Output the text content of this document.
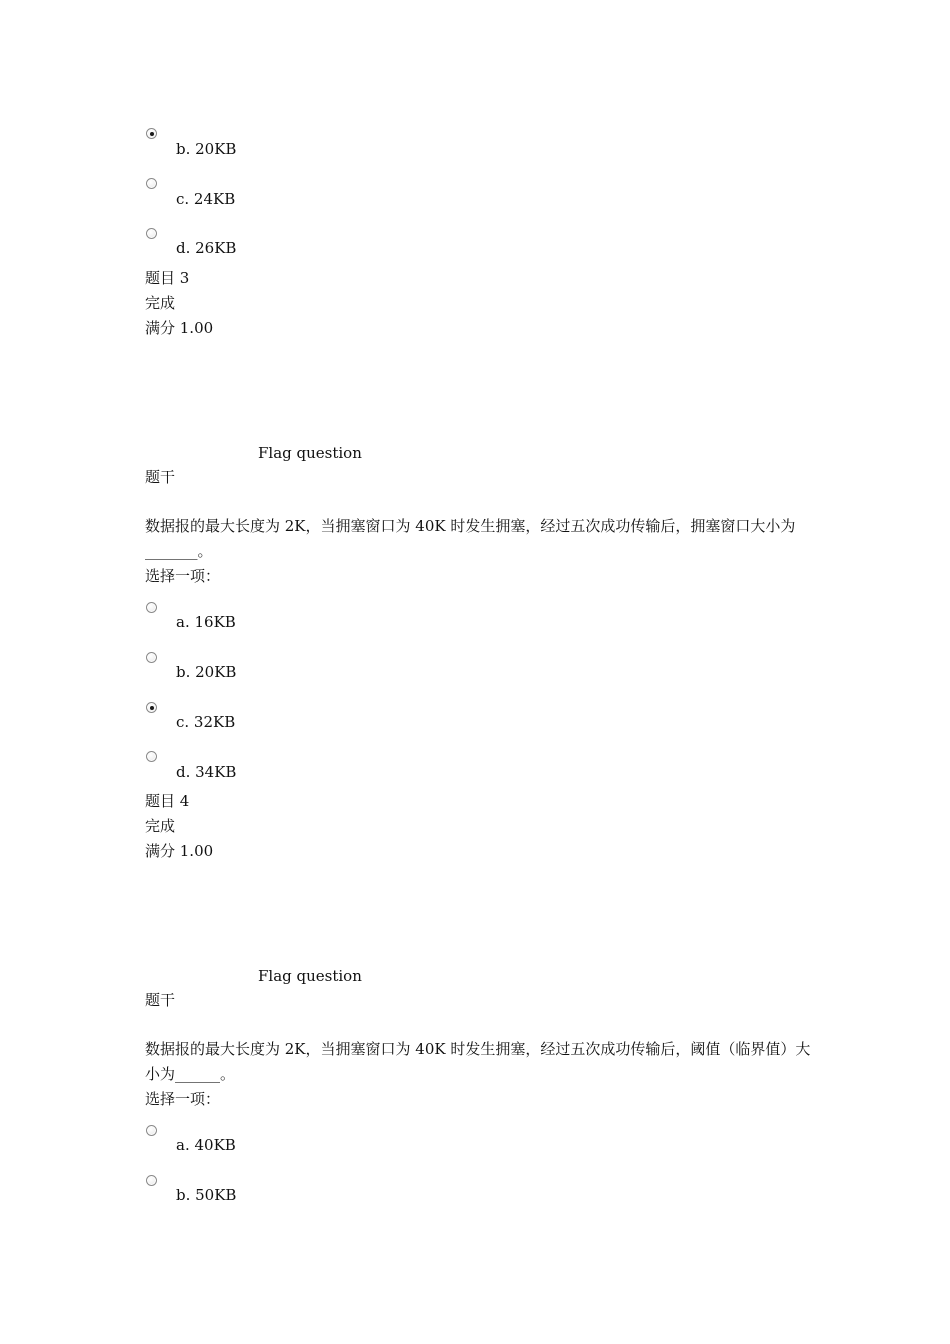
b. 20KB
c. 24KB
d. 26KB
题目 3
完成
满分 1.00
Flag question
题干
数据报的最大长度为 2K，当拥塞窗口为 40K 时发生拥塞，经过五次成功传输后，拥塞窗口大小为_______。
选择一项：
a. 16KB
b. 20KB
c. 32KB
d. 34KB
题目 4
完成
满分 1.00
Flag question
题干
数据报的最大长度为 2K，当拥塞窗口为 40K 时发生拥塞，经过五次成功传输后，阈值（临界值）大小为______。
选择一项：
a. 40KB
b. 50KB
